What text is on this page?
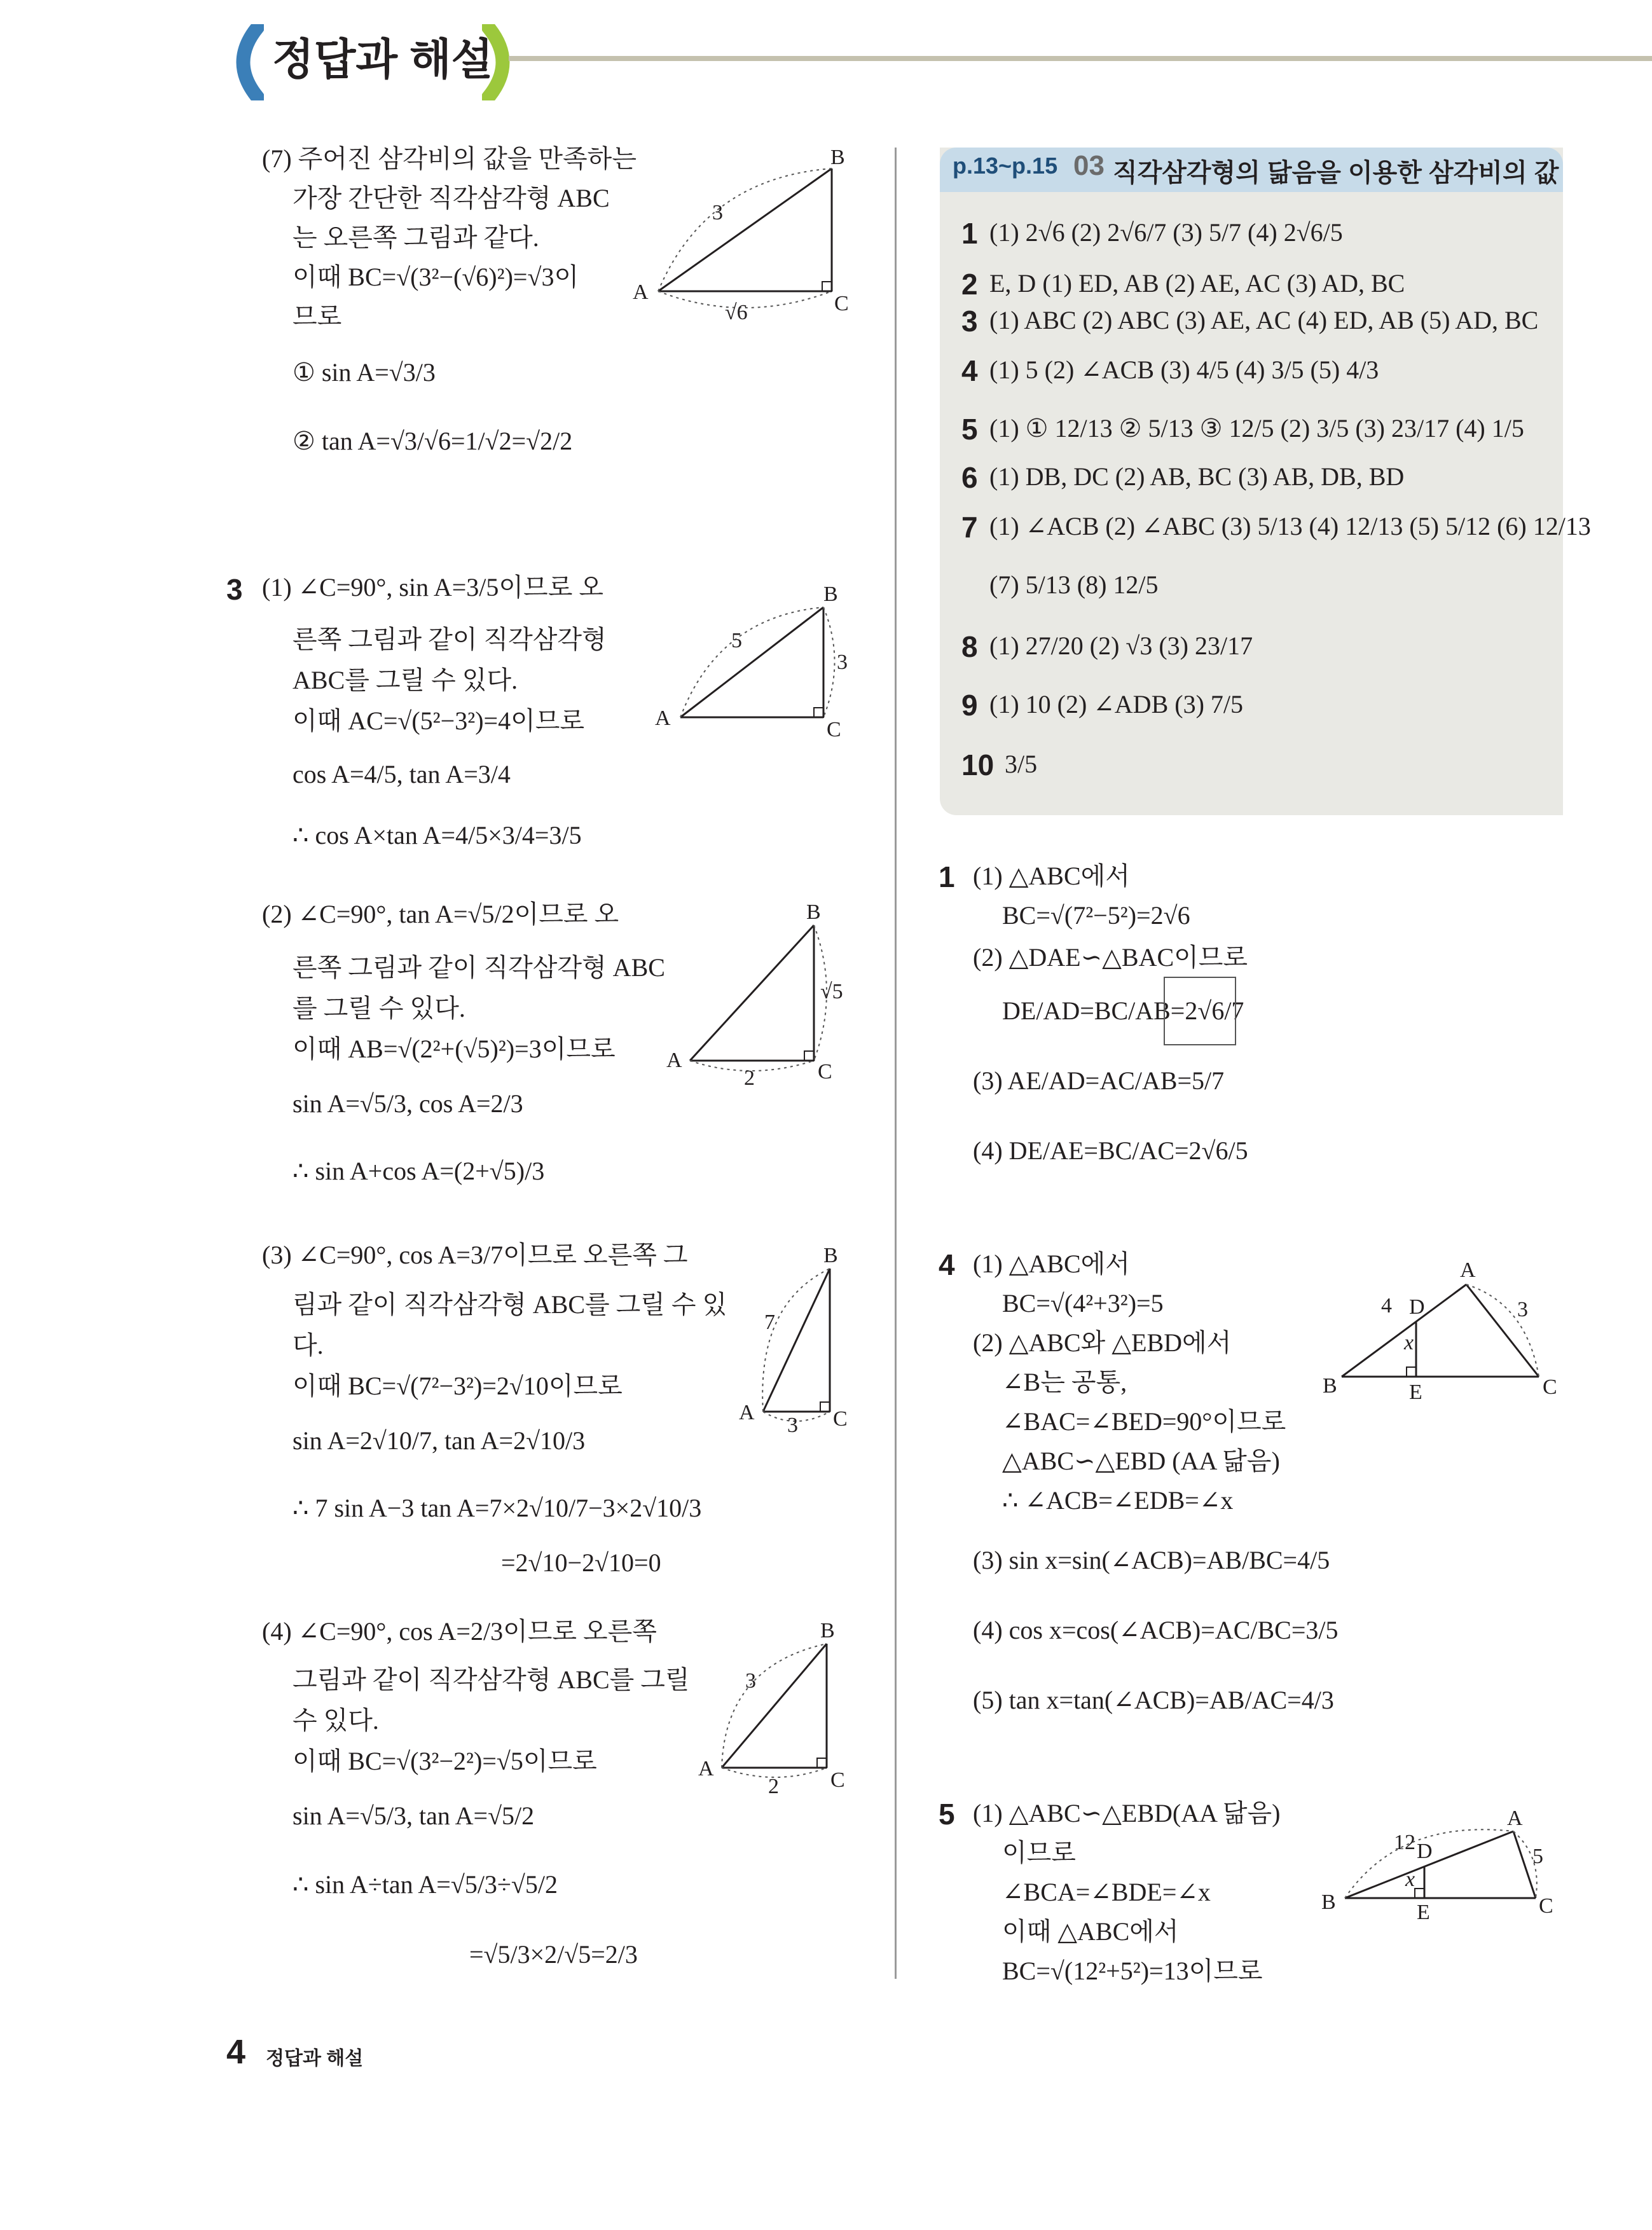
정답과 해설
(7) 주어진 삼각비의 값을 만족하는
가장 간단한 직각삼각형 ABC
는 오른쪽 그림과 같다.
이때 BC=√(3²−(√6)²)=√3이
므로
① sin A=√3/3
② tan A=√3/√6=1/√2=√2/2
3 (1) ∠C=90°, sin A=3/5이므로 오
른쪽 그림과 같이 직각삼각형
ABC를 그릴 수 있다.
이때 AC=√(5²−3²)=4이므로
cos A=4/5, tan A=3/4
∴ cos A×tan A=4/5×3/4=3/5
(2) ∠C=90°, tan A=√5/2이므로 오
른쪽 그림과 같이 직각삼각형 ABC
를 그릴 수 있다.
이때 AB=√(2²+(√5)²)=3이므로
sin A=√5/3, cos A=2/3
∴ sin A+cos A=(2+√5)/3
(3) ∠C=90°, cos A=3/7이므로 오른쪽 그
림과 같이 직각삼각형 ABC를 그릴 수 있
다.
이때 BC=√(7²−3²)=2√10이므로
sin A=2√10/7, tan A=2√10/3
∴ 7 sin A−3 tan A=7×2√10/7−3×2√10/3
=2√10−2√10=0
(4) ∠C=90°, cos A=2/3이므로 오른쪽
그림과 같이 직각삼각형 ABC를 그릴
수 있다.
이때 BC=√(3²−2²)=√5이므로
sin A=√5/3, tan A=√5/2
∴ sin A÷tan A=√5/3÷√5/2
=√5/3×2/√5=2/3
A
B
C
3
√6
A
B
C
5
3
A
B
C
√5
2
A
B
C
7
3
A
B
C
3
2
p.13~p.15 03 직각삼각형의 닮음을 이용한 삼각비의 값
1 (1) 2√6 (2) 2√6/7 (3) 5/7 (4) 2√6/5
2 E, D (1) ED, AB (2) AE, AC (3) AD, BC
3 (1) ABC (2) ABC (3) AE, AC (4) ED, AB (5) AD, BC
4 (1) 5 (2) ∠ACB (3) 4/5 (4) 3/5 (5) 4/3
5 (1) ① 12/13 ② 5/13 ③ 12/5 (2) 3/5 (3) 23/17 (4) 1/5
6 (1) DB, DC (2) AB, BC (3) AB, DB, BD
7 (1) ∠ACB (2) ∠ABC (3) 5/13 (4) 12/13 (5) 5/12 (6) 12/13
(7) 5/13 (8) 12/5
8 (1) 27/20 (2) √3 (3) 23/17
9 (1) 10 (2) ∠ADB (3) 7/5
10 3/5
1 (1) △ABC에서
BC=√(7²−5²)=2√6
(2) △DAE∽△BAC이므로
DE/AD=BC/AB=2√6/7
(3) AE/AD=AC/AB=5/7
(4) DE/AE=BC/AC=2√6/5
4 (1) △ABC에서
BC=√(4²+3²)=5
(2) △ABC와 △EBD에서
∠B는 공통,
∠BAC=∠BED=90°이므로
△ABC∽△EBD (AA 닮음)
∴ ∠ACB=∠EDB=∠x
(3) sin x=sin(∠ACB)=AB/BC=4/5
(4) cos x=cos(∠ACB)=AC/BC=3/5
(5) tan x=tan(∠ACB)=AB/AC=4/3
5 (1) △ABC∽△EBD(AA 닮음)
이므로
∠BCA=∠BDE=∠x
이때 △ABC에서
BC=√(12²+5²)=13이므로
B
A
C
D
E
x
4	3
B
A
C
D
E
x
12
5
4 정답과 해설
